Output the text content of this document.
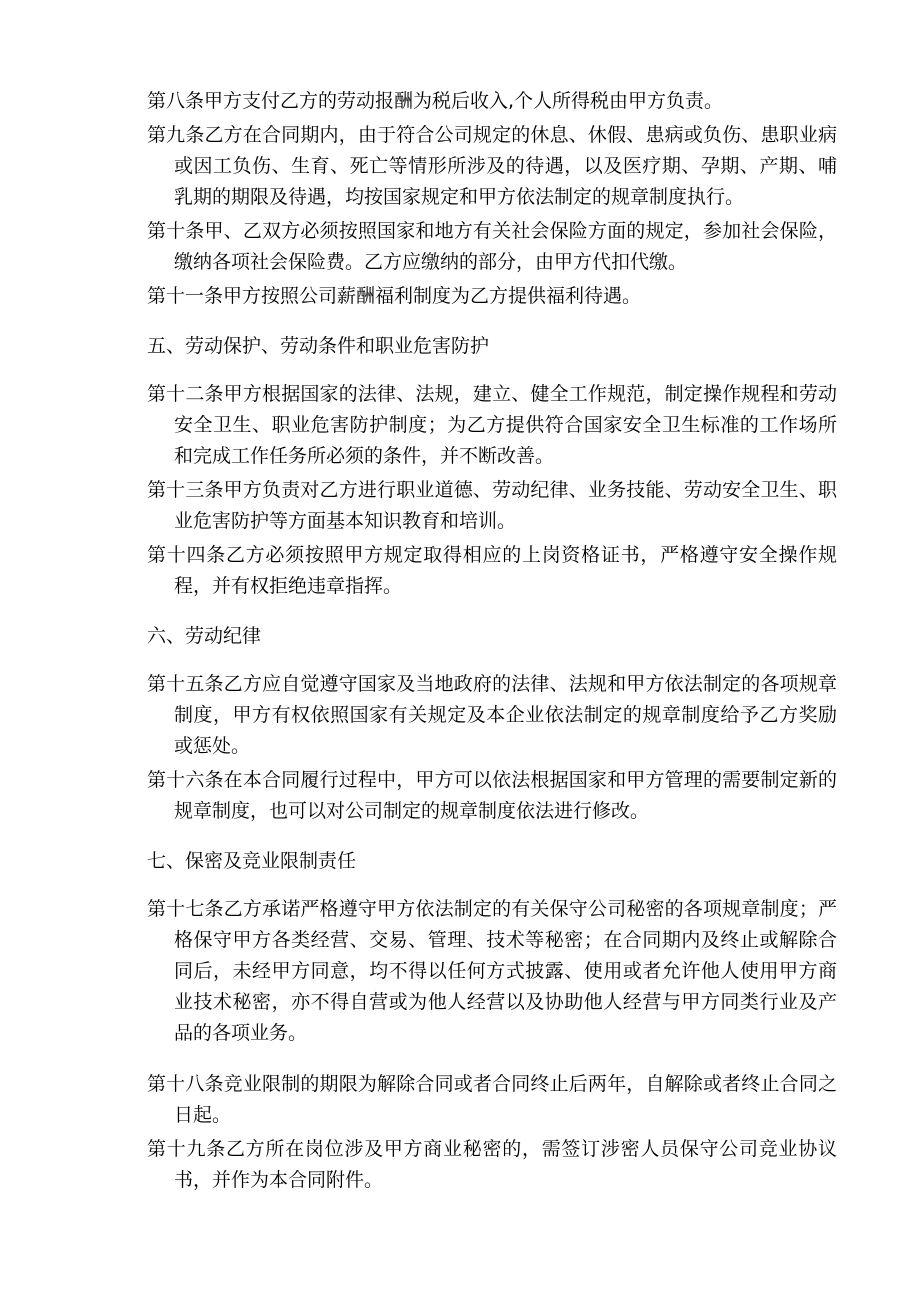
第八条甲方支付乙方的劳动报酬为税后收入,个人所得税由甲方负责。

第九条乙方在合同期内，由于符合公司规定的休息、休假、患病或负伤、患职业病或因工负伤、生育、死亡等情形所涉及的待遇，以及医疗期、孕期、产期、哺乳期的期限及待遇，均按国家规定和甲方依法制定的规章制度执行。

第十条甲、乙双方必须按照国家和地方有关社会保险方面的规定，参加社会保险，缴纳各项社会保险费。乙方应缴纳的部分，由甲方代扣代缴。

第十一条甲方按照公司薪酬福利制度为乙方提供福利待遇。

五、劳动保护、劳动条件和职业危害防护

第十二条甲方根据国家的法律、法规，建立、健全工作规范，制定操作规程和劳动安全卫生、职业危害防护制度；为乙方提供符合国家安全卫生标准的工作场所和完成工作任务所必须的条件，并不断改善。

第十三条甲方负责对乙方进行职业道德、劳动纪律、业务技能、劳动安全卫生、职业危害防护等方面基本知识教育和培训。

第十四条乙方必须按照甲方规定取得相应的上岗资格证书，严格遵守安全操作规程，并有权拒绝违章指挥。

六、劳动纪律

第十五条乙方应自觉遵守国家及当地政府的法律、法规和甲方依法制定的各项规章制度，甲方有权依照国家有关规定及本企业依法制定的规章制度给予乙方奖励或惩处。

第十六条在本合同履行过程中，甲方可以依法根据国家和甲方管理的需要制定新的规章制度，也可以对公司制定的规章制度依法进行修改。

七、保密及竞业限制责任

第十七条乙方承诺严格遵守甲方依法制定的有关保守公司秘密的各项规章制度；严格保守甲方各类经营、交易、管理、技术等秘密；在合同期内及终止或解除合同后，未经甲方同意，均不得以任何方式披露、使用或者允许他人使用甲方商业技术秘密，亦不得自营或为他人经营以及协助他人经营与甲方同类行业及产品的各项业务。

第十八条竞业限制的期限为解除合同或者合同终止后两年，自解除或者终止合同之日起。

第十九条乙方所在岗位涉及甲方商业秘密的，需签订涉密人员保守公司竞业协议书，并作为本合同附件。
